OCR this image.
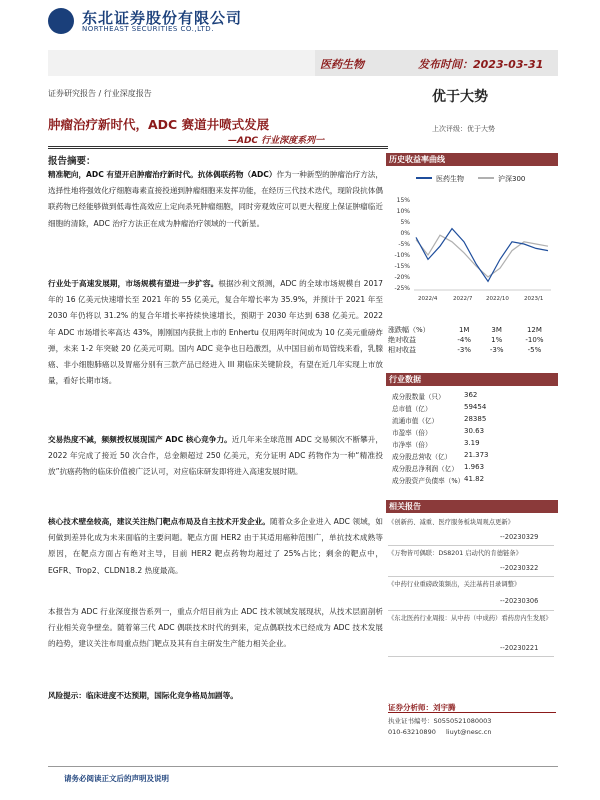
东北证券股份有限公司
NORTHEAST SECURITIES CO.,LTD.
医药生物	发布时间：2023-03-31
证券研究报告 / 行业深度报告	优于大势
上次评级：优于大势
肿瘤治疗新时代，ADC 赛道井喷式发展
—ADC 行业深度系列一
报告摘要：
精准靶向，ADC 有望开启肿瘤治疗新时代。抗体偶联药物（ADC）作为一种新型的肿瘤治疗方法，选择性地将强效化疗细胞毒素直接投递到肿瘤细胞来发挥功能，在经历三代技术迭代，现阶段抗体偶联药物已经能够做到低毒性高效应上定向杀死肿瘤细胞，同时旁观效应可以更大程度上保证肿瘤临近细胞的清除，ADC 治疗方法正在成为肿瘤治疗领域的一代新星。
行业处于高速发展期，市场规模有望进一步扩容。根据沙利文预测，ADC 的全球市场规模自 2017 年的 16 亿美元快速增长至 2021 年的 55 亿美元，复合年增长率为 35.9%，并预计于 2021 年至 2030 年仍将以 31.2% 的复合年增长率持续快速增长，预期于 2030 年达到 638 亿美元。2022 年 ADC 市场增长率高达 43%，刚刚国内获批上市的 Enhertu 仅用两年时间成为 10 亿美元重磅炸弹，未来 1-2 年突破 20 亿美元可期。国内 ADC 竞争也日趋激烈，从中国目前布局管线来看，乳腺癌、非小细胞肺癌以及胃癌分别有三款产品已经进入 III 期临床关键阶段，有望在近几年实现上市放量，看好长期市场。
交易热度不减，频频授权展现国产 ADC 核心竞争力。近几年来全球范围 ADC 交易频次不断攀升，2022 年完成了接近 50 次合作，总金额超过 250 亿美元，充分证明 ADC 药物作为一种“精准投放”抗癌药物的临床价值被广泛认可，对应临床研发即将进入高速发展时期。
核心技术壁垒较高，建议关注热门靶点布局及自主技术开发企业。随着众多企业进入 ADC 领域，如何做到差异化成为未来面临的主要问题。靶点方面 HER2 由于其适用癌种范围广，单抗技术成熟等原因，在靶点方面占有绝对主导，目前 HER2 靶点药物均超过了 25%占比；剩余的靶点中，EGFR、Trop2、CLDN18.2 热度最高。
本报告为 ADC 行业深度报告系列一，重点介绍目前为止 ADC 技术领域发展现状，从技术层面剖析行业相关竞争壁垒。随着第三代 ADC 偶联技术时代的到来，定点偶联技术已经成为 ADC 技术发展的趋势，建议关注布局重点热门靶点及其有自主研发生产能力相关企业。
风险提示：临床进度不达预期，国际化竞争格局加剧等。
历史收益率曲线
医药生物	沪深300
15%
10%
5%
0%
-5%
-10%
-15%
-20%
-25%
2022/4	2022/7 2022/10	2023/1
涨跌幅（%）	1M	3M	12M
绝对收益	-4%	1%	-10%
相对收益	-3%	-3%	-5%
行业数据
成分股数量（只）	362
总市值（亿）	59454
流通市值（亿）	28385
市盈率（倍）	30.63
市净率（倍）	3.19
成分股总营收（亿） 21.373
成分股总净利润（亿） 1.963
成分股资产负债率（%） 41.82
相关报告
《创新药、减重、医疗服务板块周观点更新》
--20230329
《万物皆可偶联：DS8201 启动代的肯德链条》
--20230322
《中药行业重磅政策频出，关注基药目录调整》
--20230306
《东北医药行业周报：从中药（中成药）看药房内生发展》
--20230221
证券分析师：刘宇腾
执业证书编号：S0550521080003
010-63210890 liuyt@nesc.cn
请务必阅读正文后的声明及说明
